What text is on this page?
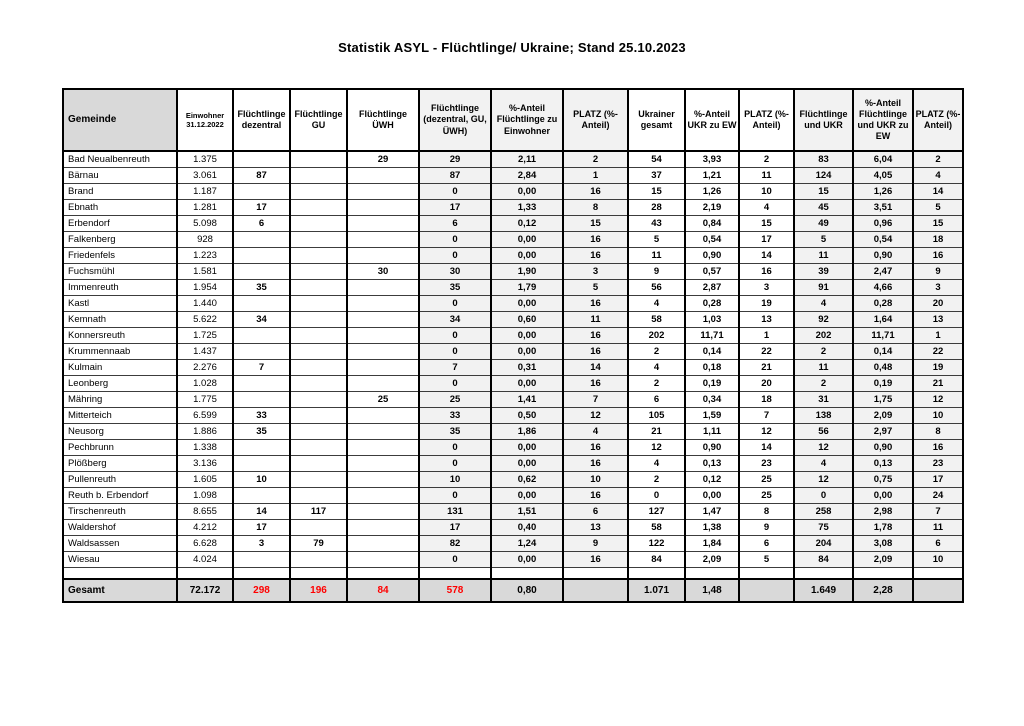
Statistik ASYL - Flüchtlinge/ Ukraine; Stand 25.10.2023
Gemeinde	Einwohner 31.12.2022	Flüchtlinge dezentral	Flüchtlinge GU	Flüchtlinge ÜWH	Flüchtlinge (dezentral, GU, ÜWH)	%-Anteil Flüchtlinge zu Einwohner	PLATZ (%-Anteil)	Ukrainer gesamt	%-Anteil UKR zu EW	PLATZ (%-Anteil)	Flüchtlinge und UKR	%-Anteil Flüchtlinge und UKR zu EW	PLATZ (%-Anteil)
Bad Neualbenreuth	1.375			29	29	2,11	2	54	3,93	2	83	6,04	2
Bärnau	3.061	87			87	2,84	1	37	1,21	11	124	4,05	4
Brand	1.187				0	0,00	16	15	1,26	10	15	1,26	14
Ebnath	1.281	17			17	1,33	8	28	2,19	4	45	3,51	5
Erbendorf	5.098	6			6	0,12	15	43	0,84	15	49	0,96	15
Falkenberg	928				0	0,00	16	5	0,54	17	5	0,54	18
Friedenfels	1.223				0	0,00	16	11	0,90	14	11	0,90	16
Fuchsmühl	1.581			30	30	1,90	3	9	0,57	16	39	2,47	9
Immenreuth	1.954	35			35	1,79	5	56	2,87	3	91	4,66	3
Kastl	1.440				0	0,00	16	4	0,28	19	4	0,28	20
Kemnath	5.622	34			34	0,60	11	58	1,03	13	92	1,64	13
Konnersreuth	1.725				0	0,00	16	202	11,71	1	202	11,71	1
Krummennaab	1.437				0	0,00	16	2	0,14	22	2	0,14	22
Kulmain	2.276	7			7	0,31	14	4	0,18	21	11	0,48	19
Leonberg	1.028				0	0,00	16	2	0,19	20	2	0,19	21
Mähring	1.775			25	25	1,41	7	6	0,34	18	31	1,75	12
Mitterteich	6.599	33			33	0,50	12	105	1,59	7	138	2,09	10
Neusorg	1.886	35			35	1,86	4	21	1,11	12	56	2,97	8
Pechbrunn	1.338				0	0,00	16	12	0,90	14	12	0,90	16
Plößberg	3.136				0	0,00	16	4	0,13	23	4	0,13	23
Pullenreuth	1.605	10			10	0,62	10	2	0,12	25	12	0,75	17
Reuth b. Erbendorf	1.098				0	0,00	16	0	0,00	25	0	0,00	24
Tirschenreuth	8.655	14	117		131	1,51	6	127	1,47	8	258	2,98	7
Waldershof	4.212	17			17	0,40	13	58	1,38	9	75	1,78	11
Waldsassen	6.628	3	79		82	1,24	9	122	1,84	6	204	3,08	6
Wiesau	4.024				0	0,00	16	84	2,09	5	84	2,09	10

Gesamt	72.172	298	196	84	578	0,80		1.071	1,48		1.649	2,28	
